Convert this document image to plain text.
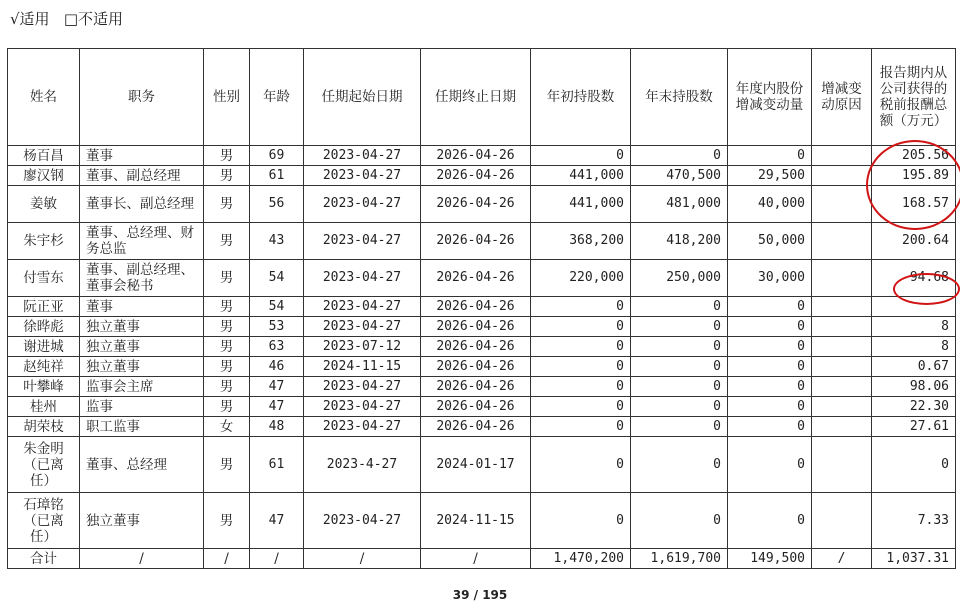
√适用 □不适用
姓名	职务	性别	年龄	任期起始日期	任期终止日期	年初持股数	年末持股数	年度内股份增减变动量	增减变动原因	报告期内从公司获得的税前报酬总额（万元）
杨百昌	董事	男	69	2023-04-27	2026-04-26	0	0	0		205.56
廖汉钢	董事、副总经理	男	61	2023-04-27	2026-04-26	441,000	470,500	29,500		195.89
姜敏	董事长、副总经理	男	56	2023-04-27	2026-04-26	441,000	481,000	40,000		168.57
朱宇杉	董事、总经理、财务总监	男	43	2023-04-27	2026-04-26	368,200	418,200	50,000		200.64
付雪东	董事、副总经理、董事会秘书	男	54	2023-04-27	2026-04-26	220,000	250,000	30,000		94.68
阮正亚	董事	男	54	2023-04-27	2026-04-26	0	0	0		
徐晔彪	独立董事	男	53	2023-04-27	2026-04-26	0	0	0		8
谢进城	独立董事	男	63	2023-07-12	2026-04-26	0	0	0		8
赵纯祥	独立董事	男	46	2024-11-15	2026-04-26	0	0	0		0.67
叶攀峰	监事会主席	男	47	2023-04-27	2026-04-26	0	0	0		98.06
桂州	监事	男	47	2023-04-27	2026-04-26	0	0	0		22.30
胡荣枝	职工监事	女	48	2023-04-27	2026-04-26	0	0	0		27.61
朱金明（已离任）	董事、总经理	男	61	2023-4-27	2024-01-17	0	0	0		0
石璋铭（已离任）	独立董事	男	47	2023-04-27	2024-11-15	0	0	0		7.33
合计	/	/	/	/	/	1,470,200	1,619,700	149,500	/	1,037.31
39 / 195
